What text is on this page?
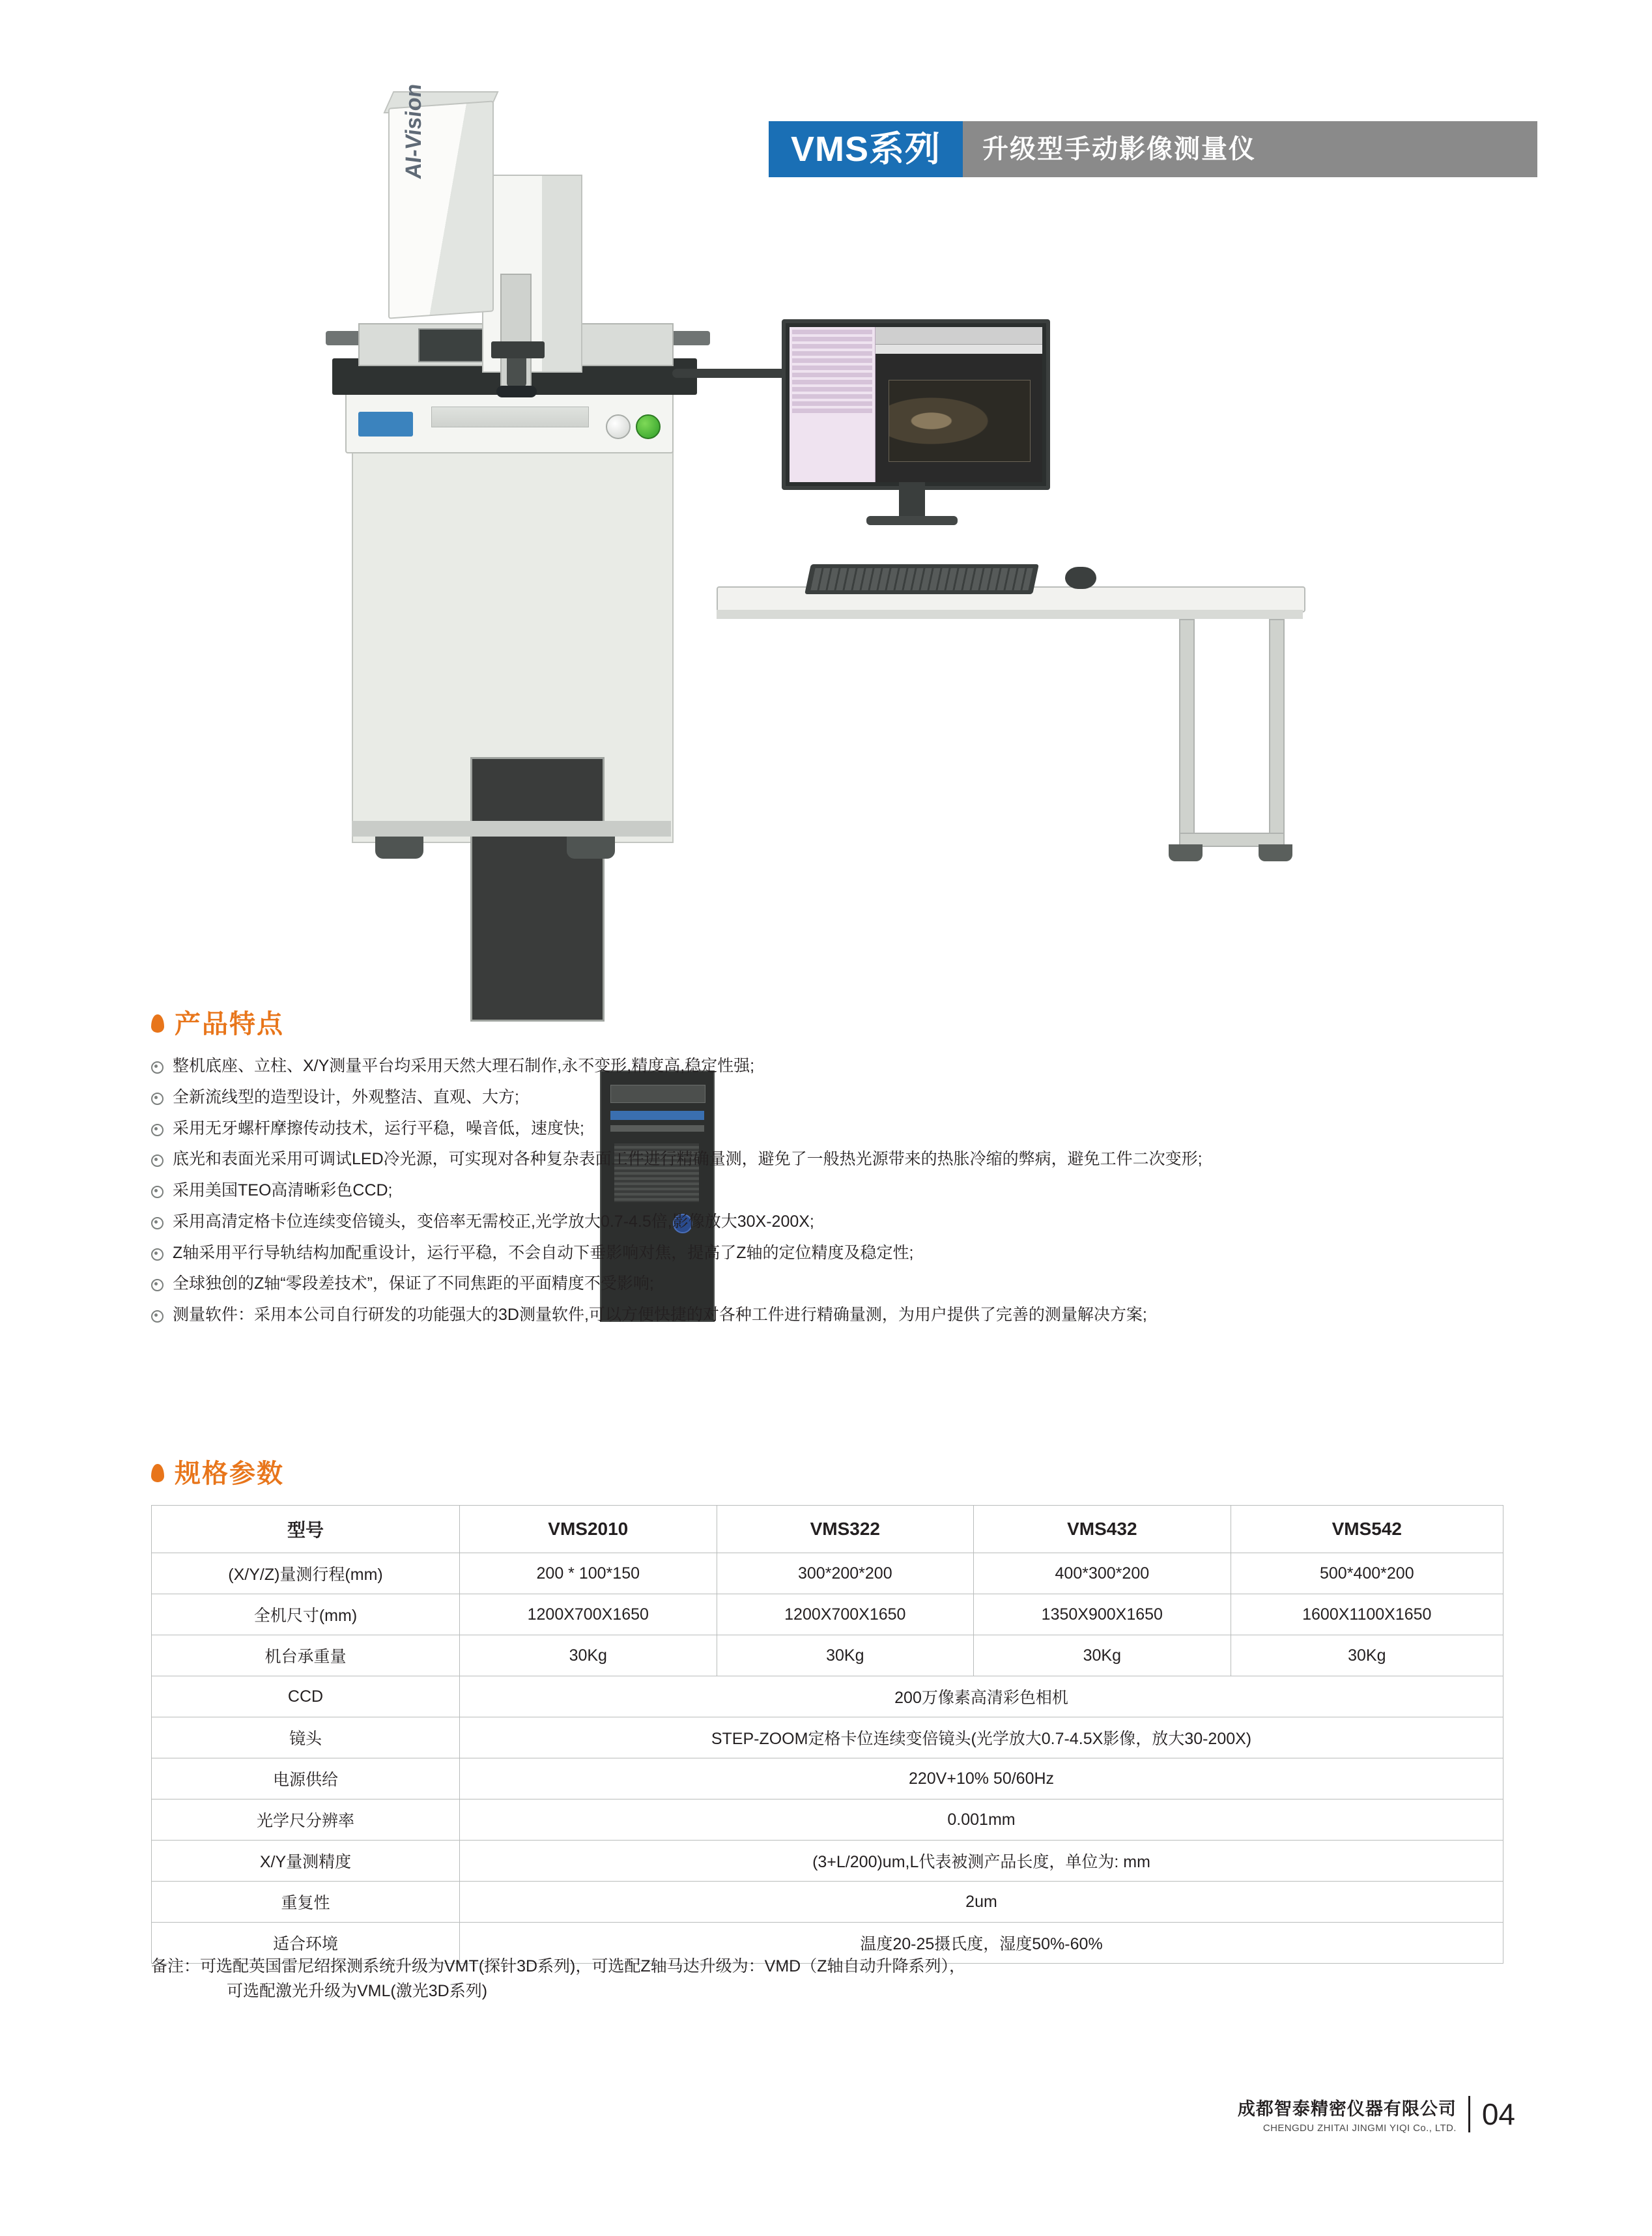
VMS系列 升级型手动影像测量仪
AI-Vision
产品特点
整机底座、立柱、X/Y测量平台均采用天然大理石制作,永不变形,精度高,稳定性强;
全新流线型的造型设计，外观整洁、直观、大方;
采用无牙螺杆摩擦传动技术，运行平稳，噪音低，速度快;
底光和表面光采用可调试LED冷光源，可实现对各种复杂表面工件进行精确量测，避免了一般热光源带来的热胀冷缩的弊病，避免工件二次变形;
采用美国TEO高清晰彩色CCD;
采用高清定格卡位连续变倍镜头，变倍率无需校正,光学放大0.7-4.5倍,影像放大30X-200X;
Z轴采用平行导轨结构加配重设计，运行平稳，不会自动下垂影响对焦，提高了Z轴的定位精度及稳定性;
全球独创的Z轴“零段差技术”，保证了不同焦距的平面精度不受影响;
测量软件：采用本公司自行研发的功能强大的3D测量软件,可以方便快捷的对各种工件进行精确量测，为用户提供了完善的测量解决方案;
规格参数
型号	VMS2010	VMS322	VMS432	VMS542
(X/Y/Z)量测行程(mm)	200 * 100*150	300*200*200	400*300*200	500*400*200
全机尺寸(mm)	1200X700X1650	1200X700X1650	1350X900X1650	1600X1100X1650
机台承重量	30Kg	30Kg	30Kg	30Kg
CCD	200万像素高清彩色相机			
镜头	STEP-ZOOM定格卡位连续变倍镜头(光学放大0.7-4.5X影像，放大30-200X)			
电源供给	220V+10% 50/60Hz			
光学尺分辨率	0.001mm			
X/Y量测精度	(3+L/200)um,L代表被测产品长度，单位为: mm			
重复性	2um			
适合环境	温度20-25摄氏度，湿度50%-60%			
备注：可选配英国雷尼绍探测系统升级为VMT(探针3D系列)，可选配Z轴马达升级为：VMD（Z轴自动升降系列），
可选配激光升级为VML(激光3D系列)
成都智泰精密仪器有限公司
CHENGDU ZHITAI JINGMI YIQI Co., LTD. 04
